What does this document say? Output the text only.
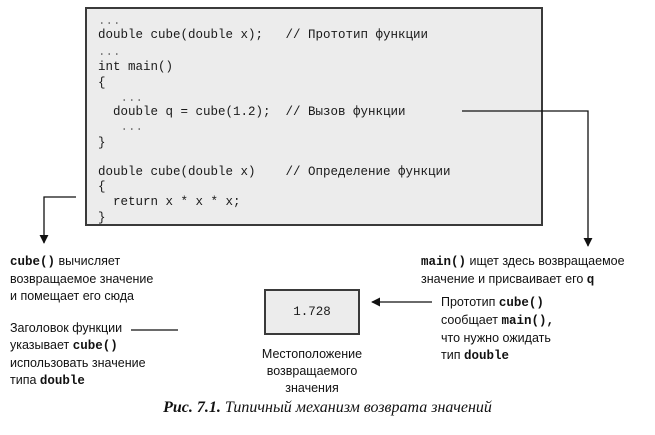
...
double cube(double x);   // Прототип функции
...
int main()
{
...
double q = cube(1.2);  // Вызов функции
...
}
double cube(double x)    // Определение функции
{
return x * x * x;
}
1.728
cube() вычисляет
возвращаемое значение
и помещает его сюда
main() ищет здесь возвращаемое
значение и присваивает его q
Заголовок функции
указывает cube()
использовать значение
типа double
Прототип cube()
сообщает main(),
что нужно ожидать
тип double
Местоположение
возвращаемого
значения

Рис. 7.1. Типичный механизм возврата значений
